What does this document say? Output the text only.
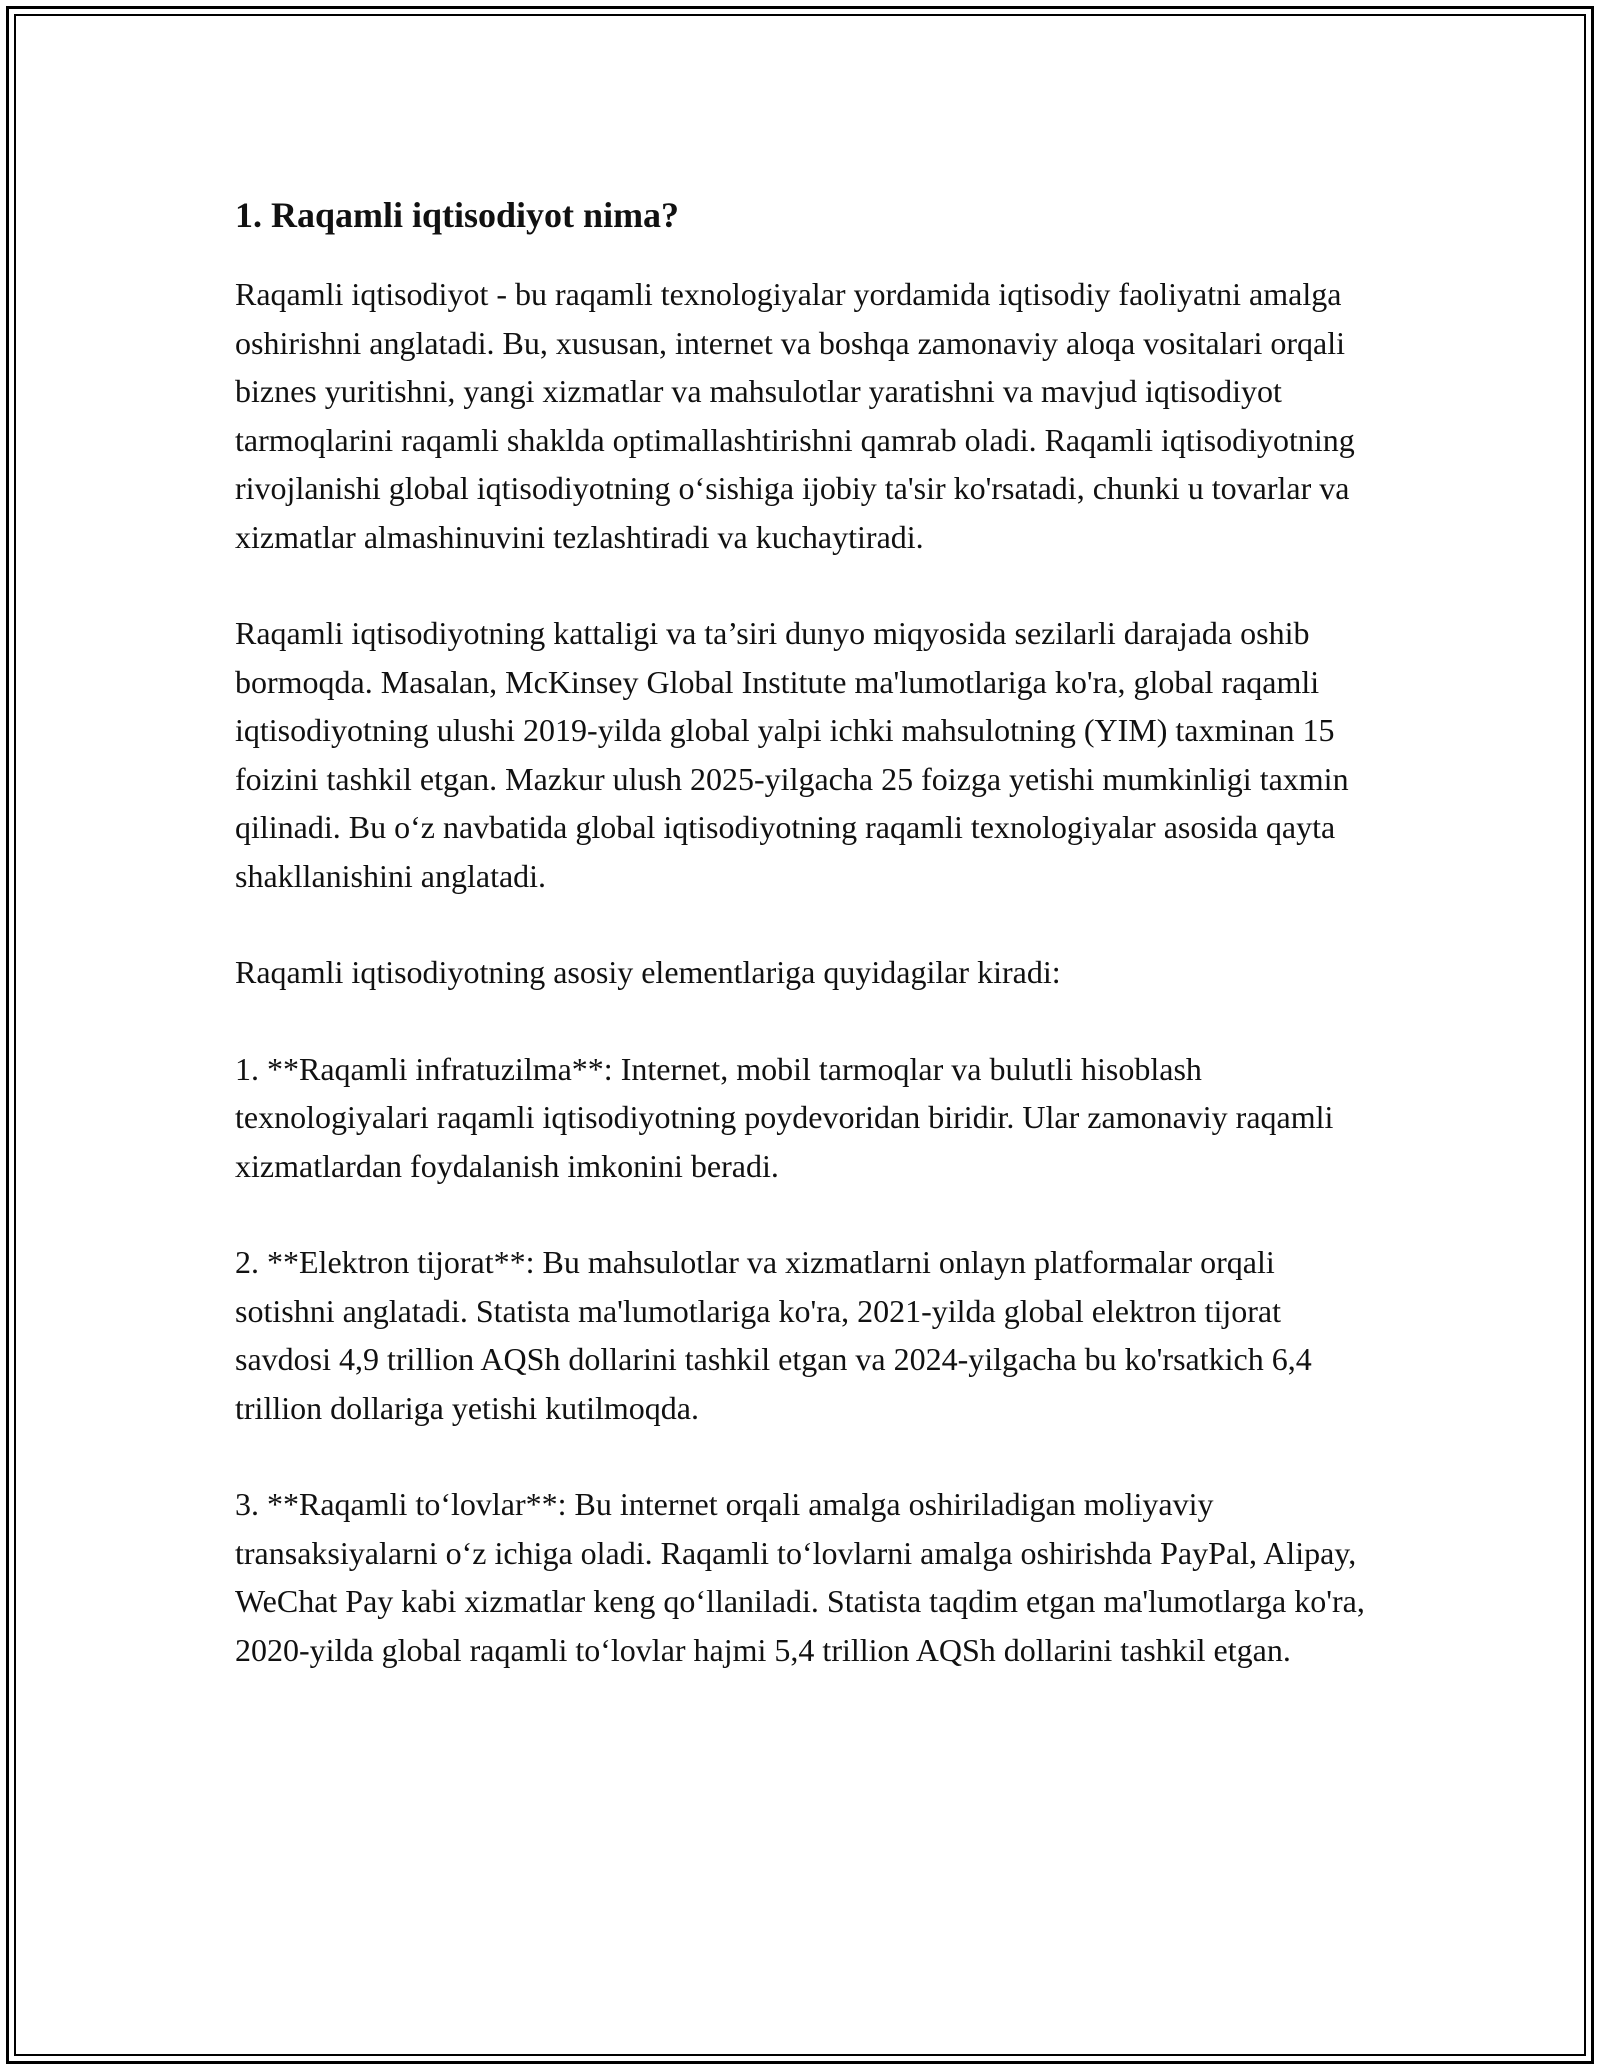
1. Raqamli iqtisodiyot nima?

Raqamli iqtisodiyot - bu raqamli texnologiyalar yordamida iqtisodiy faoliyatni amalga oshirishni anglatadi. Bu, xususan, internet va boshqa zamonaviy aloqa vositalari orqali biznes yuritishni, yangi xizmatlar va mahsulotlar yaratishni va mavjud iqtisodiyot tarmoqlarini raqamli shaklda optimallashtirishni qamrab oladi. Raqamli iqtisodiyotning rivojlanishi global iqtisodiyotning o‘sishiga ijobiy ta'sir ko'rsatadi, chunki u tovarlar va xizmatlar almashinuvini tezlashtiradi va kuchaytiradi.

Raqamli iqtisodiyotning kattaligi va ta’siri dunyo miqyosida sezilarli darajada oshib bormoqda. Masalan, McKinsey Global Institute ma'lumotlariga ko'ra, global raqamli iqtisodiyotning ulushi 2019-yilda global yalpi ichki mahsulotning (YIM) taxminan 15 foizini tashkil etgan. Mazkur ulush 2025-yilgacha 25 foizga yetishi mumkinligi taxmin qilinadi. Bu o‘z navbatida global iqtisodiyotning raqamli texnologiyalar asosida qayta shakllanishini anglatadi.

Raqamli iqtisodiyotning asosiy elementlariga quyidagilar kiradi:

1. **Raqamli infratuzilma**: Internet, mobil tarmoqlar va bulutli hisoblash texnologiyalari raqamli iqtisodiyotning poydevoridan biridir. Ular zamonaviy raqamli xizmatlardan foydalanish imkonini beradi.

2. **Elektron tijorat**: Bu mahsulotlar va xizmatlarni onlayn platformalar orqali sotishni anglatadi. Statista ma'lumotlariga ko'ra, 2021-yilda global elektron tijorat savdosi 4,9 trillion AQSh dollarini tashkil etgan va 2024-yilgacha bu ko'rsatkich 6,4 trillion dollariga yetishi kutilmoqda.

3. **Raqamli to‘lovlar**: Bu internet orqali amalga oshiriladigan moliyaviy transaksiyalarni o‘z ichiga oladi. Raqamli to‘lovlarni amalga oshirishda PayPal, Alipay, WeChat Pay kabi xizmatlar keng qo‘llaniladi. Statista taqdim etgan ma'lumotlarga ko'ra, 2020-yilda global raqamli to‘lovlar hajmi 5,4 trillion AQSh dollarini tashkil etgan.
